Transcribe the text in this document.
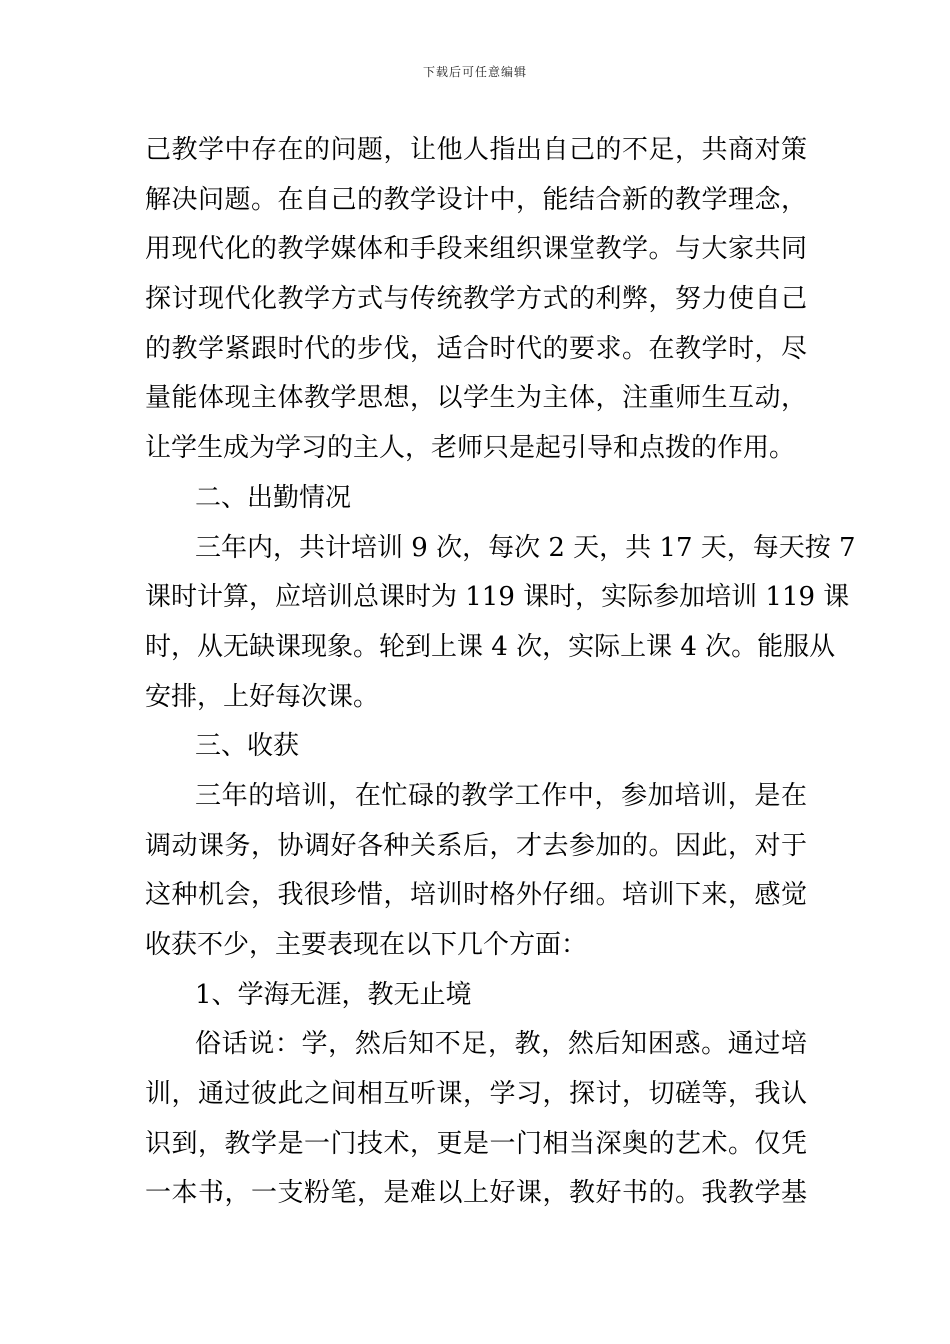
下载后可任意编辑
己教学中存在的问题，让他人指出自己的不足，共商对策
解决问题。在自己的教学设计中，能结合新的教学理念，
用现代化的教学媒体和手段来组织课堂教学。与大家共同
探讨现代化教学方式与传统教学方式的利弊，努力使自己
的教学紧跟时代的步伐，适合时代的要求。在教学时，尽
量能体现主体教学思想，以学生为主体，注重师生互动，
让学生成为学习的主人，老师只是起引导和点拨的作用。
二、出勤情况
三年内，共计培训 9 次，每次 2 天，共 17 天，每天按 7
课时计算，应培训总课时为 119 课时，实际参加培训 119 课
时，从无缺课现象。轮到上课 4 次，实际上课 4 次。能服从
安排，上好每次课。
三、收获
三年的培训，在忙碌的教学工作中，参加培训，是在
调动课务，协调好各种关系后，才去参加的。因此，对于
这种机会，我很珍惜，培训时格外仔细。培训下来，感觉
收获不少，主要表现在以下几个方面：
1、学海无涯，教无止境
俗话说：学，然后知不足，教，然后知困惑。通过培
训，通过彼此之间相互听课，学习，探讨，切磋等，我认
识到，教学是一门技术，更是一门相当深奥的艺术。仅凭
一本书，一支粉笔，是难以上好课，教好书的。我教学基
